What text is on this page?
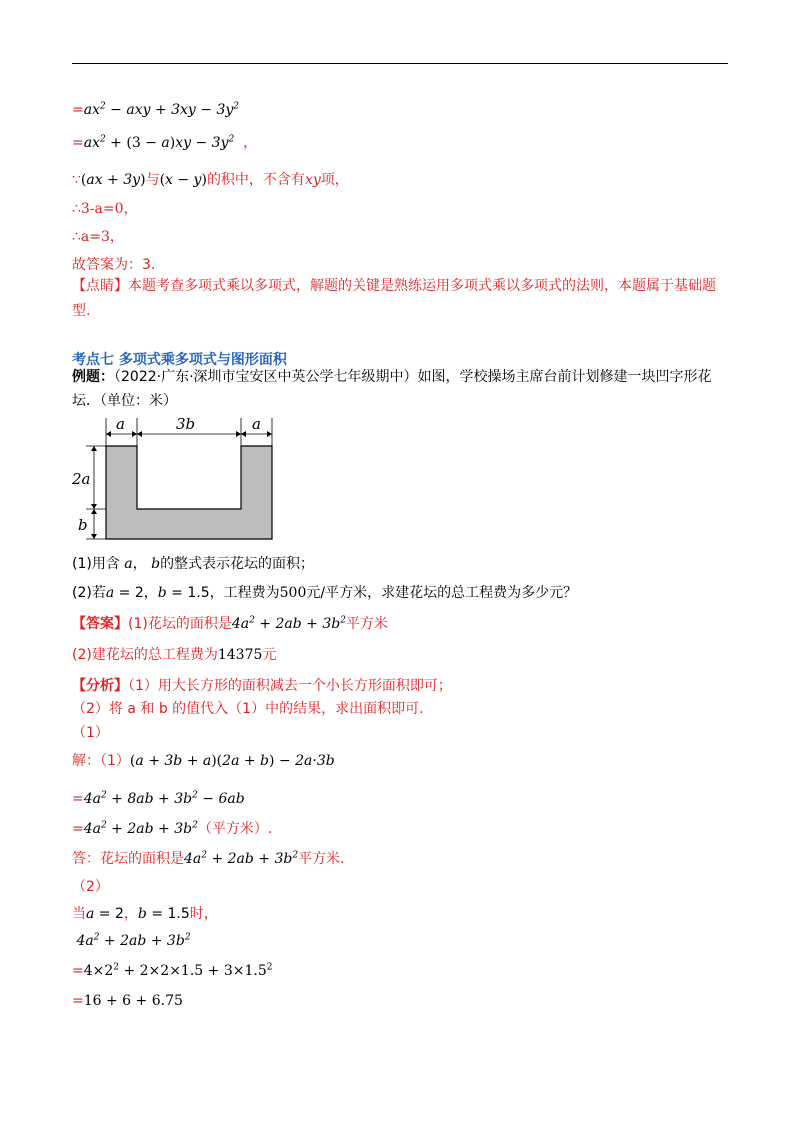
$=ax^2$ − axy + $3xy - 3y^2$
$=ax^2 + (3 - a)xy - 3y^2$  ，
∵(ax + 3y)与(x − y)的积中，不含有xy项，
∴3-a=0，
∴a=3，
故答案为：3.
【点睛】本题考查多项式乘以多项式，解题的关键是熟练运用多项式乘以多项式的法则，本题属于基础题
型.
考点七 多项式乘多项式与图形面积
例题：（2022·广东·深圳市宝安区中英公学七年级期中）如图，学校操场主席台前计划修建一块凹字形花
坛．（单位：米）
a	3b	a
2a
b
(1)用含 a， b的整式表示花坛的面积；
(2)若a = 2，b = 1.5，工程费为500元/平方米，求建花坛的总工程费为多少元？
【答案】(1)花坛的面积是$4a^2 + 2ab + 3b^2$平方米
(2)建花坛的总工程费为14375元
【分析】（1）用大长方形的面积减去一个小长方形面积即可；
（2）将 a 和 b 的值代入（1）中的结果，求出面积即可.
（1）
解：（1）(a + 3b + a)(2a + b) − 2a·3b
$=4a^2 + 8ab + 3b^2 - 6ab$
$=4a^2 + 2ab + 3b^2$（平方米）.
答：花坛的面积是$4a^2 + 2ab + 3b^2$平方米.
（2）
当a = 2，b = 1.5时，
$4a^2 + 2ab + 3b^2$
$=4\times 2^2 + 2\times 2\times 1.5 + 3\times 1.5^2$
=16 + 6 + 6.75
